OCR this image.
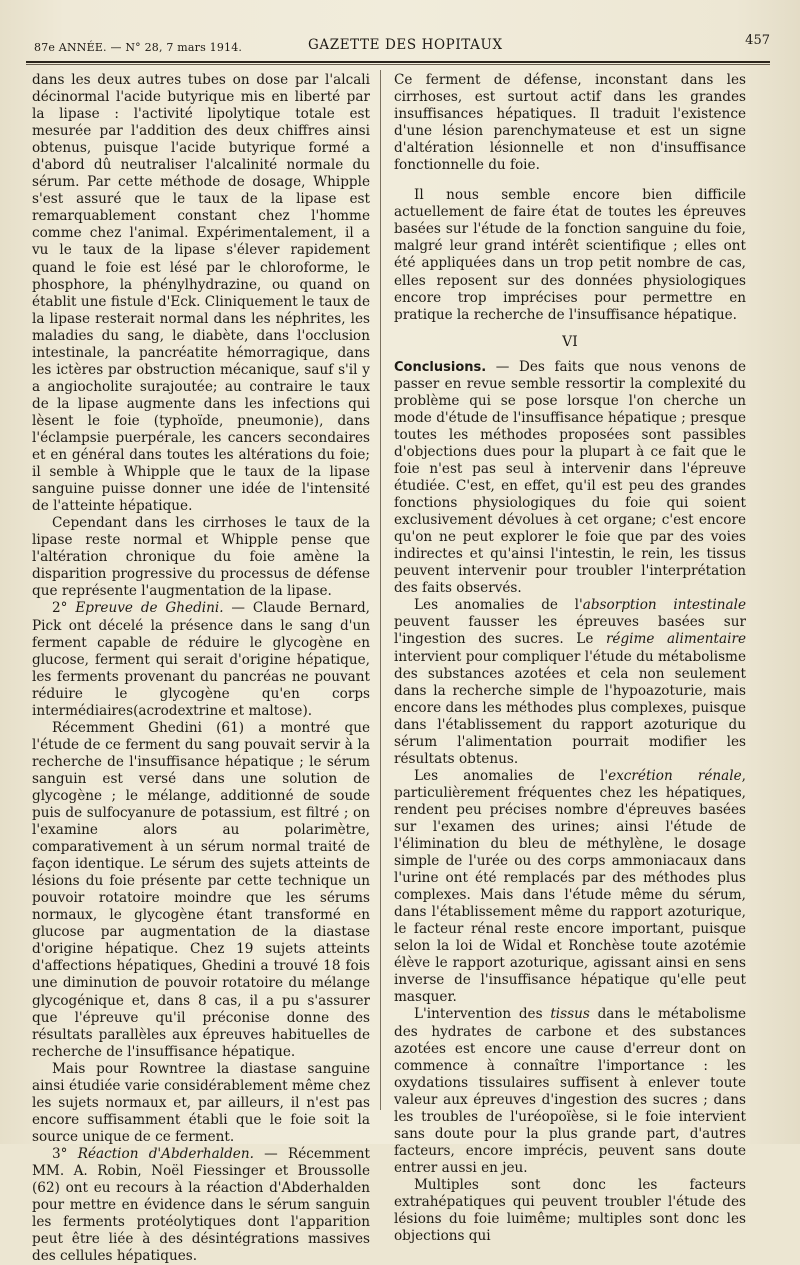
87e ANNÉE. — N° 28, 7 mars 1914.	GAZETTE DES HOPITAUX	457

dans les deux autres tubes on dose par l'alcali décinormal l'acide butyrique mis en liberté par la lipase : l'activité lipolytique totale est mesurée par l'addition des deux chiffres ainsi obtenus, puisque l'acide butyrique formé a d'abord dû neutraliser l'alcalinité normale du sérum. Par cette méthode de dosage, Whipple s'est assuré que le taux de la lipase est remarquablement constant chez l'homme comme chez l'animal. Expérimentalement, il a vu le taux de la lipase s'élever rapidement quand le foie est lésé par le chloroforme, le phosphore, la phénylhydrazine, ou quand on établit une fistule d'Eck. Cliniquement le taux de la lipase resterait normal dans les néphrites, les maladies du sang, le diabète, dans l'occlusion intestinale, la pancréatite hémorragique, dans les ictères par obstruction mécanique, sauf s'il y a angiocholite surajoutée; au contraire le taux de la lipase augmente dans les infections qui lèsent le foie (typhoïde, pneumonie), dans l'éclampsie puerpérale, les cancers secondaires et en général dans toutes les altérations du foie; il semble à Whipple que le taux de la lipase sanguine puisse donner une idée de l'intensité de l'atteinte hépatique.

Cependant dans les cirrhoses le taux de la lipase reste normal et Whipple pense que l'altération chronique du foie amène la disparition progressive du processus de défense que représente l'augmentation de la lipase.

2° Epreuve de Ghedini. — Claude Bernard, Pick ont décelé la présence dans le sang d'un ferment capable de réduire le glycogène en glucose, ferment qui serait d'origine hépatique, les ferments provenant du pancréas ne pouvant réduire le glycogène qu'en corps intermédiaires(acrodextrine et maltose).

Récemment Ghedini (61) a montré que l'étude de ce ferment du sang pouvait servir à la recherche de l'insuffisance hépatique ; le sérum sanguin est versé dans une solution de glycogène ; le mélange, additionné de soude puis de sulfocyanure de potassium, est filtré ; on l'examine alors au polarimètre, comparativement à un sérum normal traité de façon identique. Le sérum des sujets atteints de lésions du foie présente par cette technique un pouvoir rotatoire moindre que les sérums normaux, le glycogène étant transformé en glucose par augmentation de la diastase d'origine hépatique. Chez 19 sujets atteints d'affections hépatiques, Ghedini a trouvé 18 fois une diminution de pouvoir rotatoire du mélange glycogénique et, dans 8 cas, il a pu s'assurer que l'épreuve qu'il préconise donne des résultats parallèles aux épreuves habituelles de recherche de l'insuffisance hépatique.

Mais pour Rowntree la diastase sanguine ainsi étudiée varie considérablement même chez les sujets normaux et, par ailleurs, il n'est pas encore suffisamment établi que le foie soit la source unique de ce ferment.

3° Réaction d'Abderhalden. — Récemment MM. A. Robin, Noël Fiessinger et Broussolle (62) ont eu recours à la réaction d'Abderhalden pour mettre en évidence dans le sérum sanguin les ferments protéolytiques dont l'apparition peut être liée à des désintégrations massives des cellules hépatiques.

Ce ferment de défense, inconstant dans les cirrhoses, est surtout actif dans les grandes insuffisances hépatiques. Il traduit l'existence d'une lésion parenchymateuse et est un signe d'altération lésionnelle et non d'insuffisance fonctionnelle du foie.

Il nous semble encore bien difficile actuellement de faire état de toutes les épreuves basées sur l'étude de la fonction sanguine du foie, malgré leur grand intérêt scientifique ; elles ont été appliquées dans un trop petit nombre de cas, elles reposent sur des données physiologiques encore trop imprécises pour permettre en pratique la recherche de l'insuffisance hépatique.

VI

Conclusions. — Des faits que nous venons de passer en revue semble ressortir la complexité du problème qui se pose lorsque l'on cherche un mode d'étude de l'insuffisance hépatique ; presque toutes les méthodes proposées sont passibles d'objections dues pour la plupart à ce fait que le foie n'est pas seul à intervenir dans l'épreuve étudiée. C'est, en effet, qu'il est peu des grandes fonctions physiologiques du foie qui soient exclusivement dévolues à cet organe; c'est encore qu'on ne peut explorer le foie que par des voies indirectes et qu'ainsi l'intestin, le rein, les tissus peuvent intervenir pour troubler l'interprétation des faits observés.

Les anomalies de l'absorption intestinale peuvent fausser les épreuves basées sur l'ingestion des sucres. Le régime alimentaire intervient pour compliquer l'étude du métabolisme des substances azotées et cela non seulement dans la recherche simple de l'hypoazoturie, mais encore dans les méthodes plus complexes, puisque dans l'établissement du rapport azoturique du sérum l'alimentation pourrait modifier les résultats obtenus.

Les anomalies de l'excrétion rénale, particulièrement fréquentes chez les hépatiques, rendent peu précises nombre d'épreuves basées sur l'examen des urines; ainsi l'étude de l'élimination du bleu de méthylène, le dosage simple de l'urée ou des corps ammoniacaux dans l'urine ont été remplacés par des méthodes plus complexes. Mais dans l'étude même du sérum, dans l'établissement même du rapport azoturique, le facteur rénal reste encore important, puisque selon la loi de Widal et Ronchèse toute azotémie élève le rapport azoturique, agissant ainsi en sens inverse de l'insuffisance hépatique qu'elle peut masquer.

L'intervention des tissus dans le métabolisme des hydrates de carbone et des substances azotées est encore une cause d'erreur dont on commence à connaître l'importance : les oxydations tissulaires suffisent à enlever toute valeur aux épreuves d'ingestion des sucres ; dans les troubles de l'uréopoïèse, si le foie intervient sans doute pour la plus grande part, d'autres facteurs, encore imprécis, peuvent sans doute entrer aussi en jeu.

Multiples sont donc les facteurs extrahépatiques qui peuvent troubler l'étude des lésions du foie luimême; multiples sont donc les objections qui
